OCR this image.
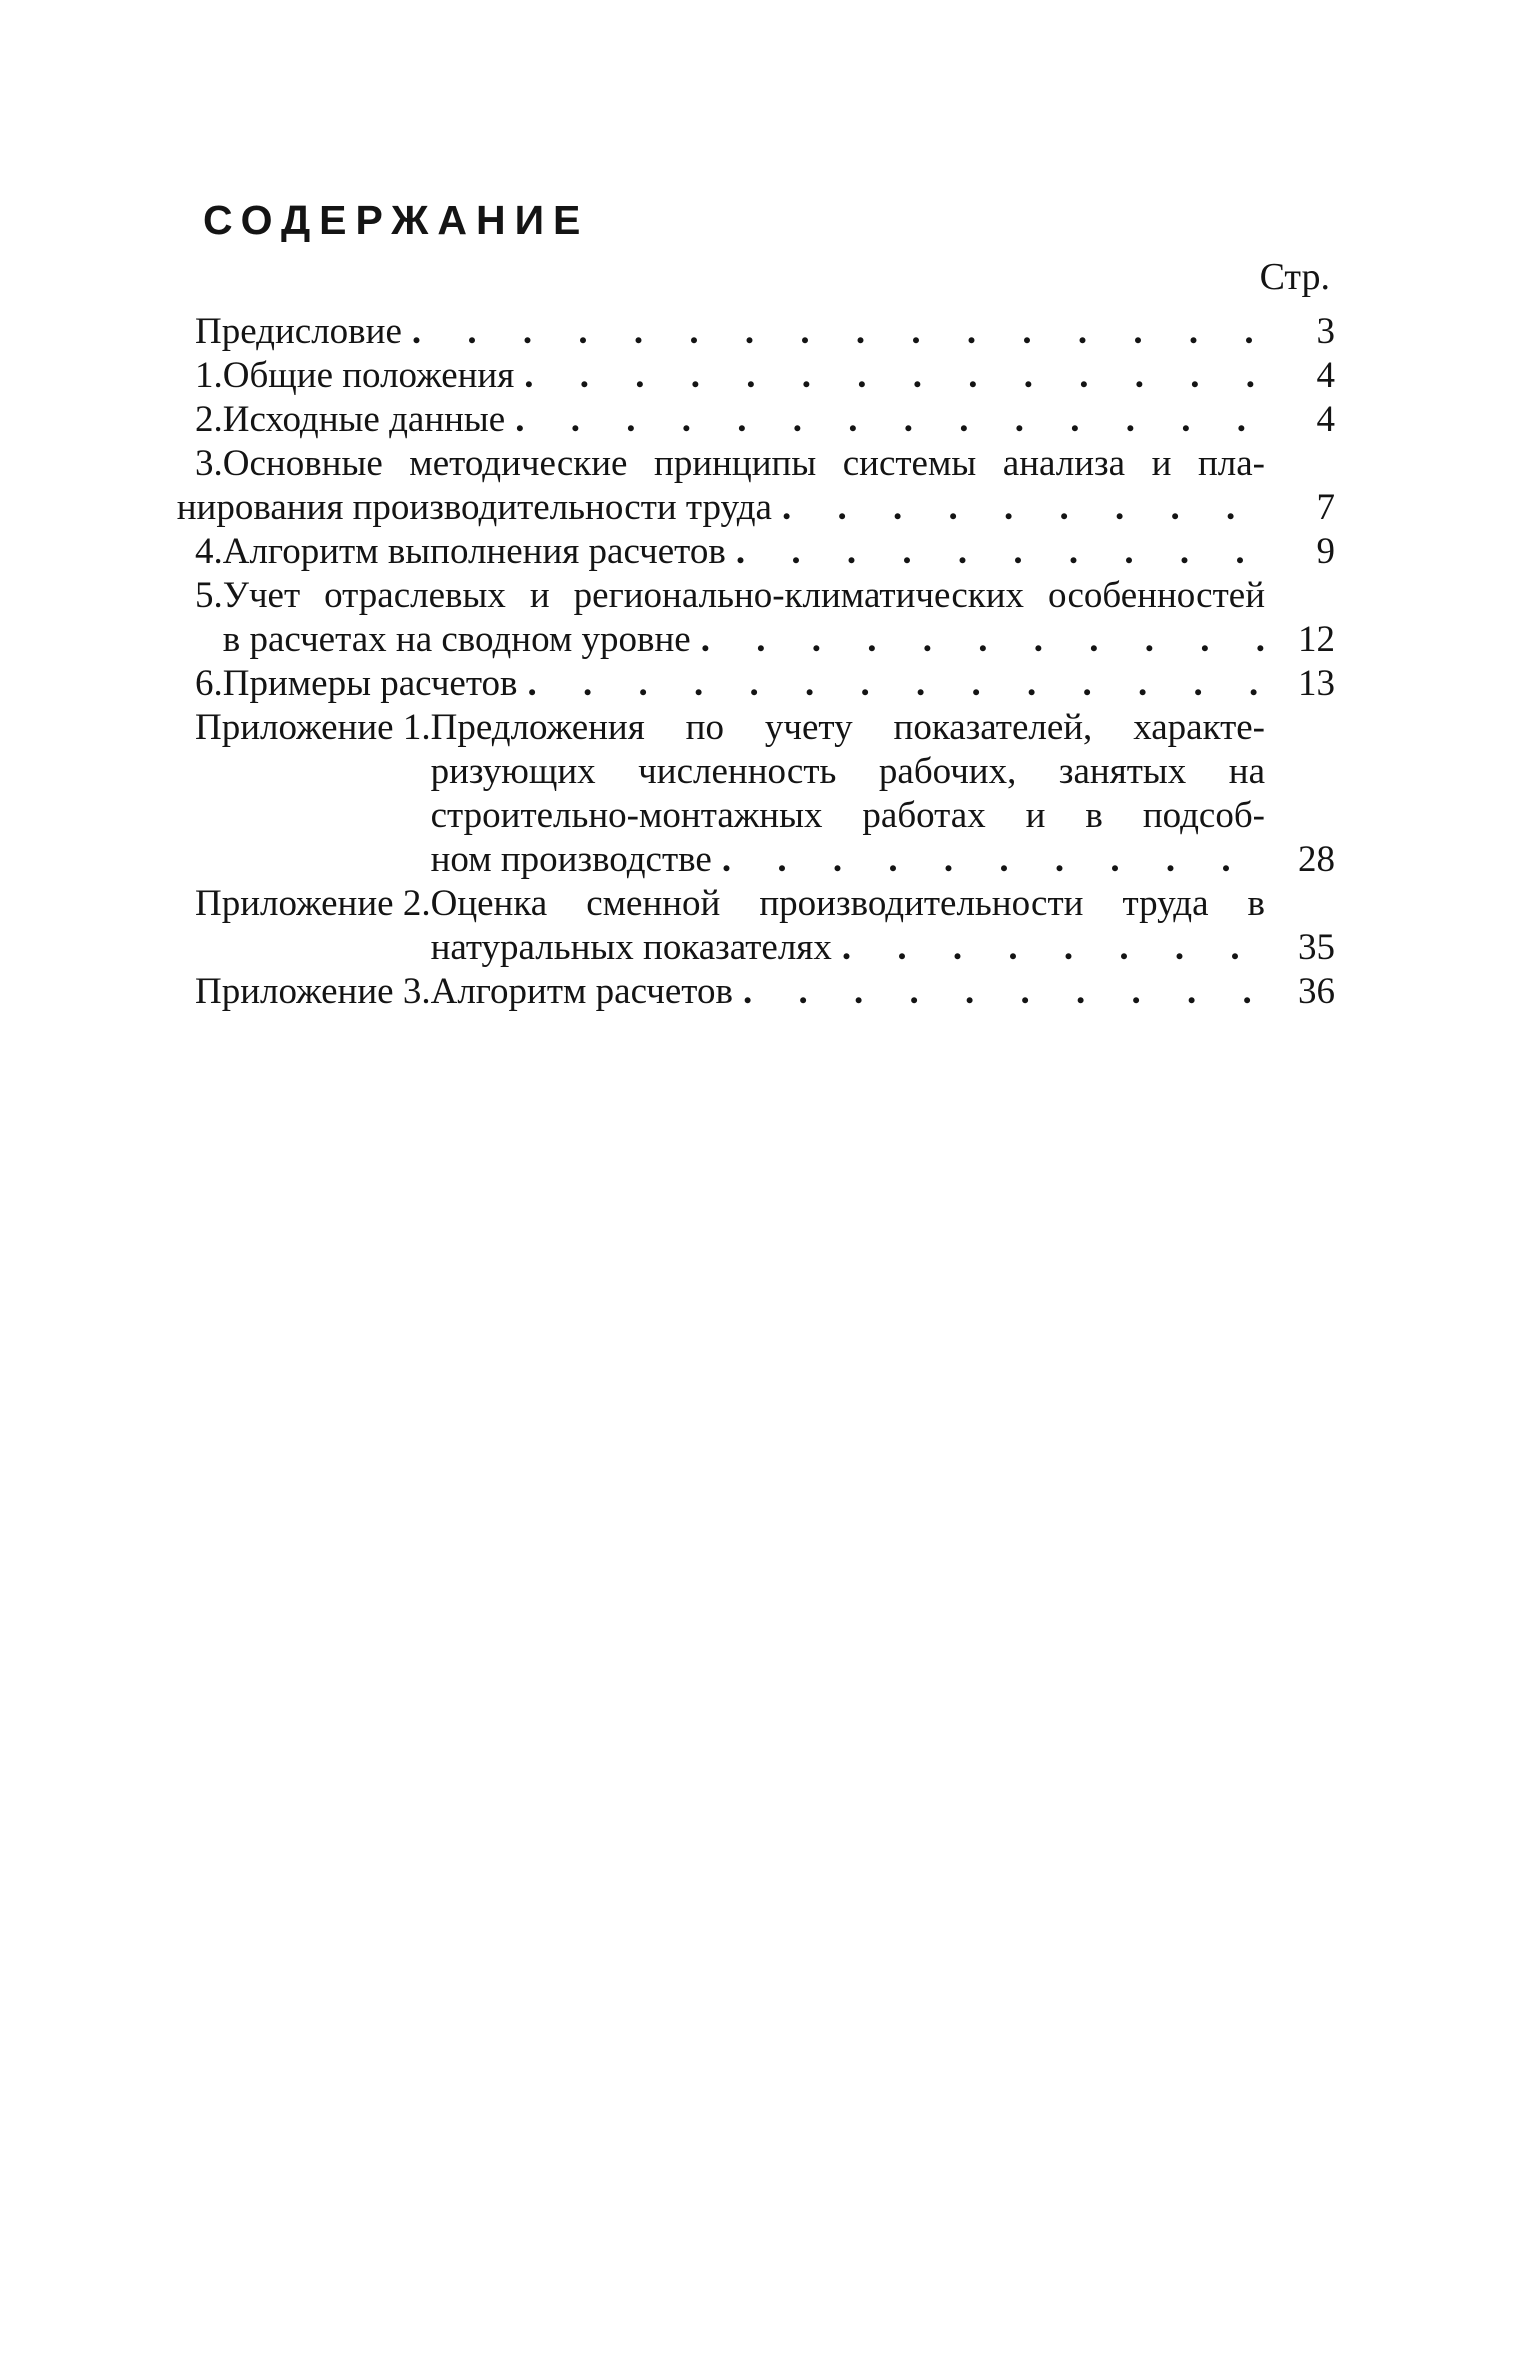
СОДЕРЖАНИЕ
Стр.
Предисловие .	3
1. Общие положения .	4
2. Исходные данные .	4
3. Основные методические принципы системы анализа и пла-
нирования производительности труда .	7
4. Алгоритм выполнения расчетов .	9
5. Учет отраслевых и регионально-климатических особенностей
в расчетах на сводном уровне .	12
6. Примеры расчетов .	13
Приложение 1. Предложения по учету показателей, характе-
ризующих численность рабочих, занятых на
строительно-монтажных работах и в подсоб-
ном производстве .	28
Приложение 2. Оценка сменной производительности труда в
натуральных показателях .	35
Приложение 3. Алгоритм расчетов .	36
